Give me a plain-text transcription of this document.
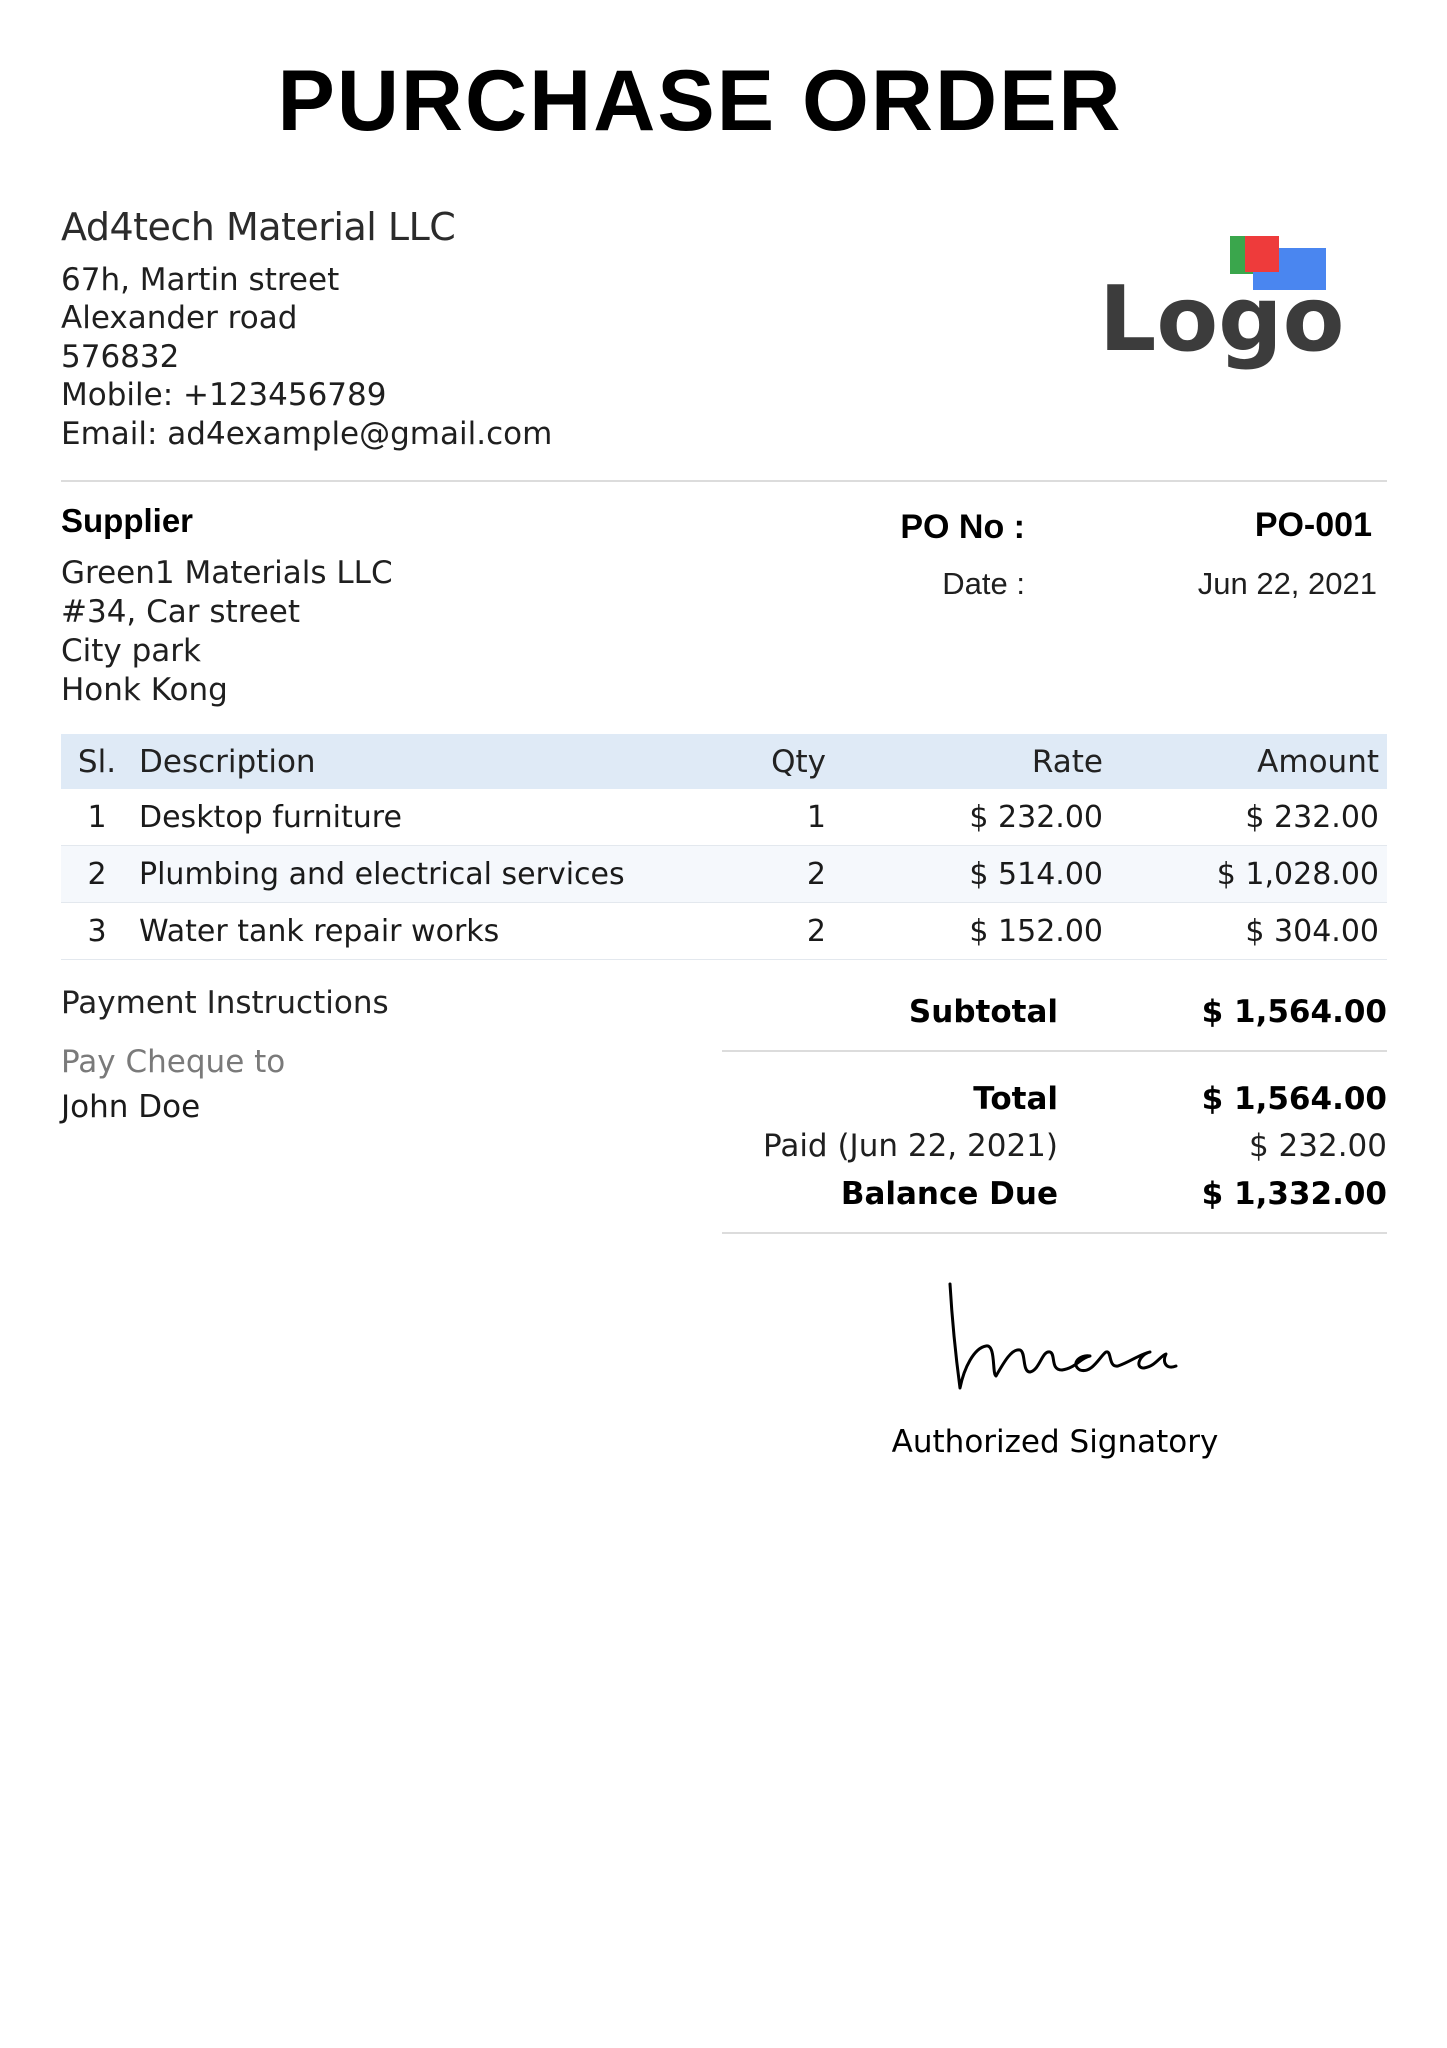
PURCHASE ORDER
Ad4tech Material LLC
67h, Martin street
Alexander road
576832
Mobile: +123456789
Email: ad4example@gmail.com
Logo
Supplier
Green1 Materials LLC
#34, Car street
City park
Honk Kong
PO No :	PO-001
Date :	Jun 22, 2021
Sl.	Description	Qty	Rate	Amount
1	Desktop furniture	1	$ 232.00	$ 232.00
2	Plumbing and electrical services	2	$ 514.00	$ 1,028.00
3	Water tank repair works	2	$ 152.00	$ 304.00
Payment Instructions
Pay Cheque to
John Doe
Subtotal	$ 1,564.00
Total	$ 1,564.00
Paid (Jun 22, 2021)	$ 232.00
Balance Due	$ 1,332.00
Authorized Signatory
